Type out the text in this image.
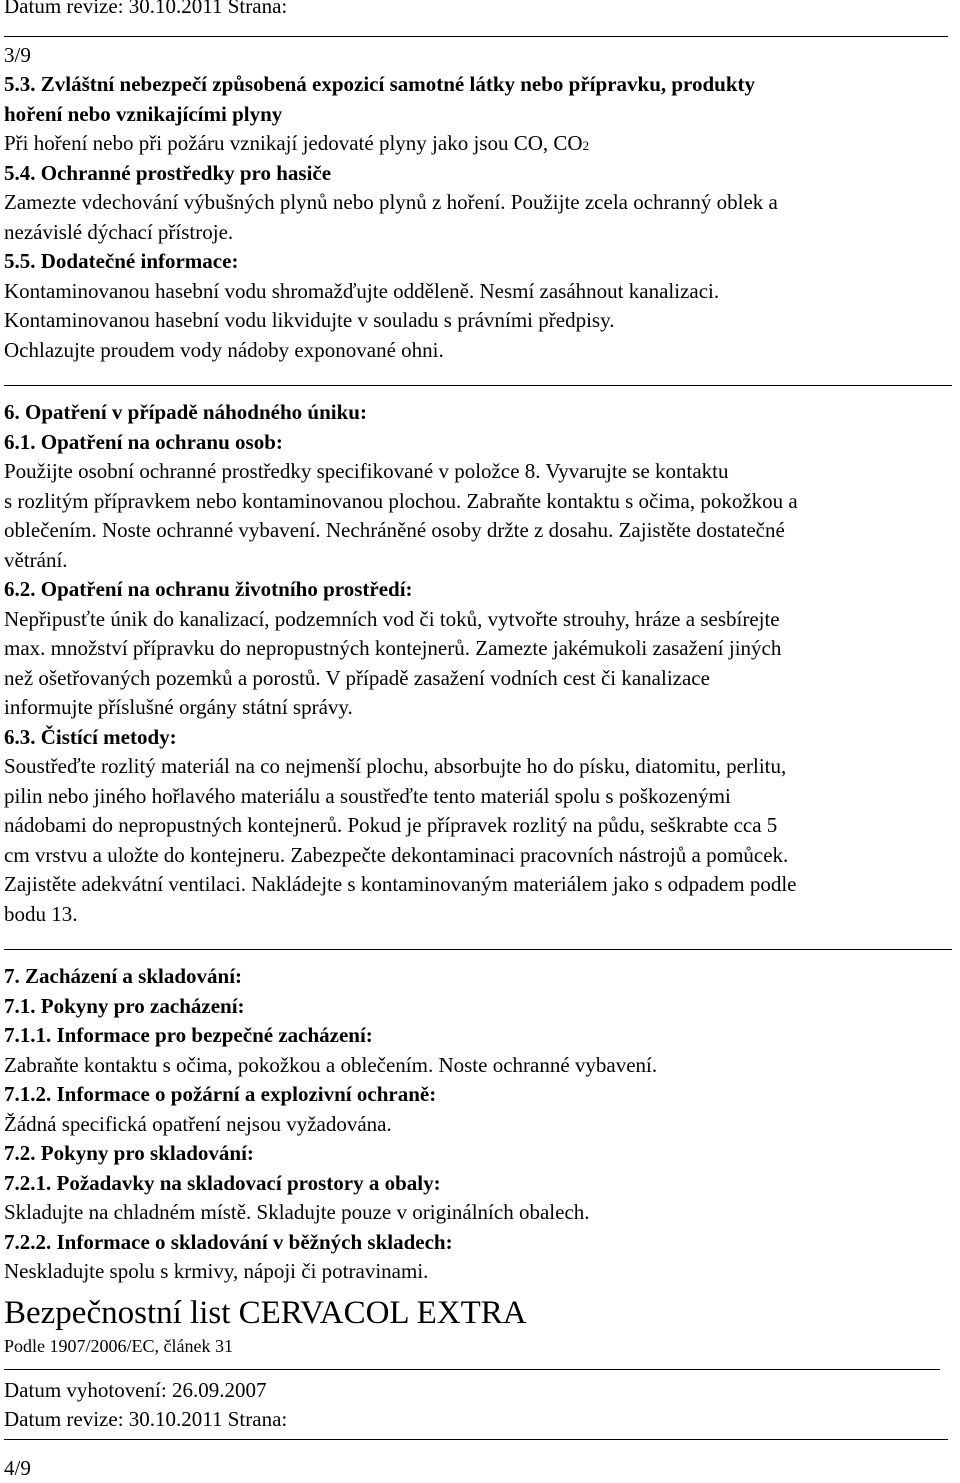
Datum revize: 30.10.2011 Strana:
3/9
5.3. Zvláštní nebezpečí způsobená expozicí samotné látky nebo přípravku, produkty
hoření nebo vznikajícími plyny
Při hoření nebo při požáru vznikají jedovaté plyny jako jsou CO, CO2
5.4. Ochranné prostředky pro hasiče
Zamezte vdechování výbušných plynů nebo plynů z hoření. Použijte zcela ochranný oblek a
nezávislé dýchací přístroje.
5.5. Dodatečné informace:
Kontaminovanou hasební vodu shromažďujte odděleně. Nesmí zasáhnout kanalizaci.
Kontaminovanou hasební vodu likvidujte v souladu s právními předpisy.
Ochlazujte proudem vody nádoby exponované ohni.
6. Opatření v případě náhodného úniku:
6.1. Opatření na ochranu osob:
Použijte osobní ochranné prostředky specifikované v položce 8. Vyvarujte se kontaktu
s rozlitým přípravkem nebo kontaminovanou plochou. Zabraňte kontaktu s očima, pokožkou a
oblečením. Noste ochranné vybavení. Nechráněné osoby držte z dosahu. Zajistěte dostatečné
větrání.
6.2. Opatření na ochranu životního prostředí:
Nepřipusťte únik do kanalizací, podzemních vod či toků, vytvořte strouhy, hráze a sesbírejte
max. množství přípravku do nepropustných kontejnerů. Zamezte jakémukoli zasažení jiných
než ošetřovaných pozemků a porostů. V případě zasažení vodních cest či kanalizace
informujte příslušné orgány státní správy.
6.3. Čistící metody:
Soustřeďte rozlitý materiál na co nejmenší plochu, absorbujte ho do písku, diatomitu, perlitu,
pilin nebo jiného hořlavého materiálu a soustřeďte tento materiál spolu s poškozenými
nádobami do nepropustných kontejnerů. Pokud je přípravek rozlitý na půdu, seškrabte cca 5
cm vrstvu a uložte do kontejneru. Zabezpečte dekontaminaci pracovních nástrojů a pomůcek.
Zajistěte adekvátní ventilaci. Nakládejte s kontaminovaným materiálem jako s odpadem podle
bodu 13.
7. Zacházení a skladování:
7.1. Pokyny pro zacházení:
7.1.1. Informace pro bezpečné zacházení:
Zabraňte kontaktu s očima, pokožkou a oblečením. Noste ochranné vybavení.
7.1.2. Informace o požární a explozivní ochraně:
Žádná specifická opatření nejsou vyžadována.
7.2. Pokyny pro skladování:
7.2.1. Požadavky na skladovací prostory a obaly:
Skladujte na chladném místě. Skladujte pouze v originálních obalech.
7.2.2. Informace o skladování v běžných skladech:
Neskladujte spolu s krmivy, nápoji či potravinami.
Bezpečnostní list CERVACOL EXTRA
Podle 1907/2006/EC, článek 31
Datum vyhotovení: 26.09.2007
Datum revize: 30.10.2011 Strana:
4/9
